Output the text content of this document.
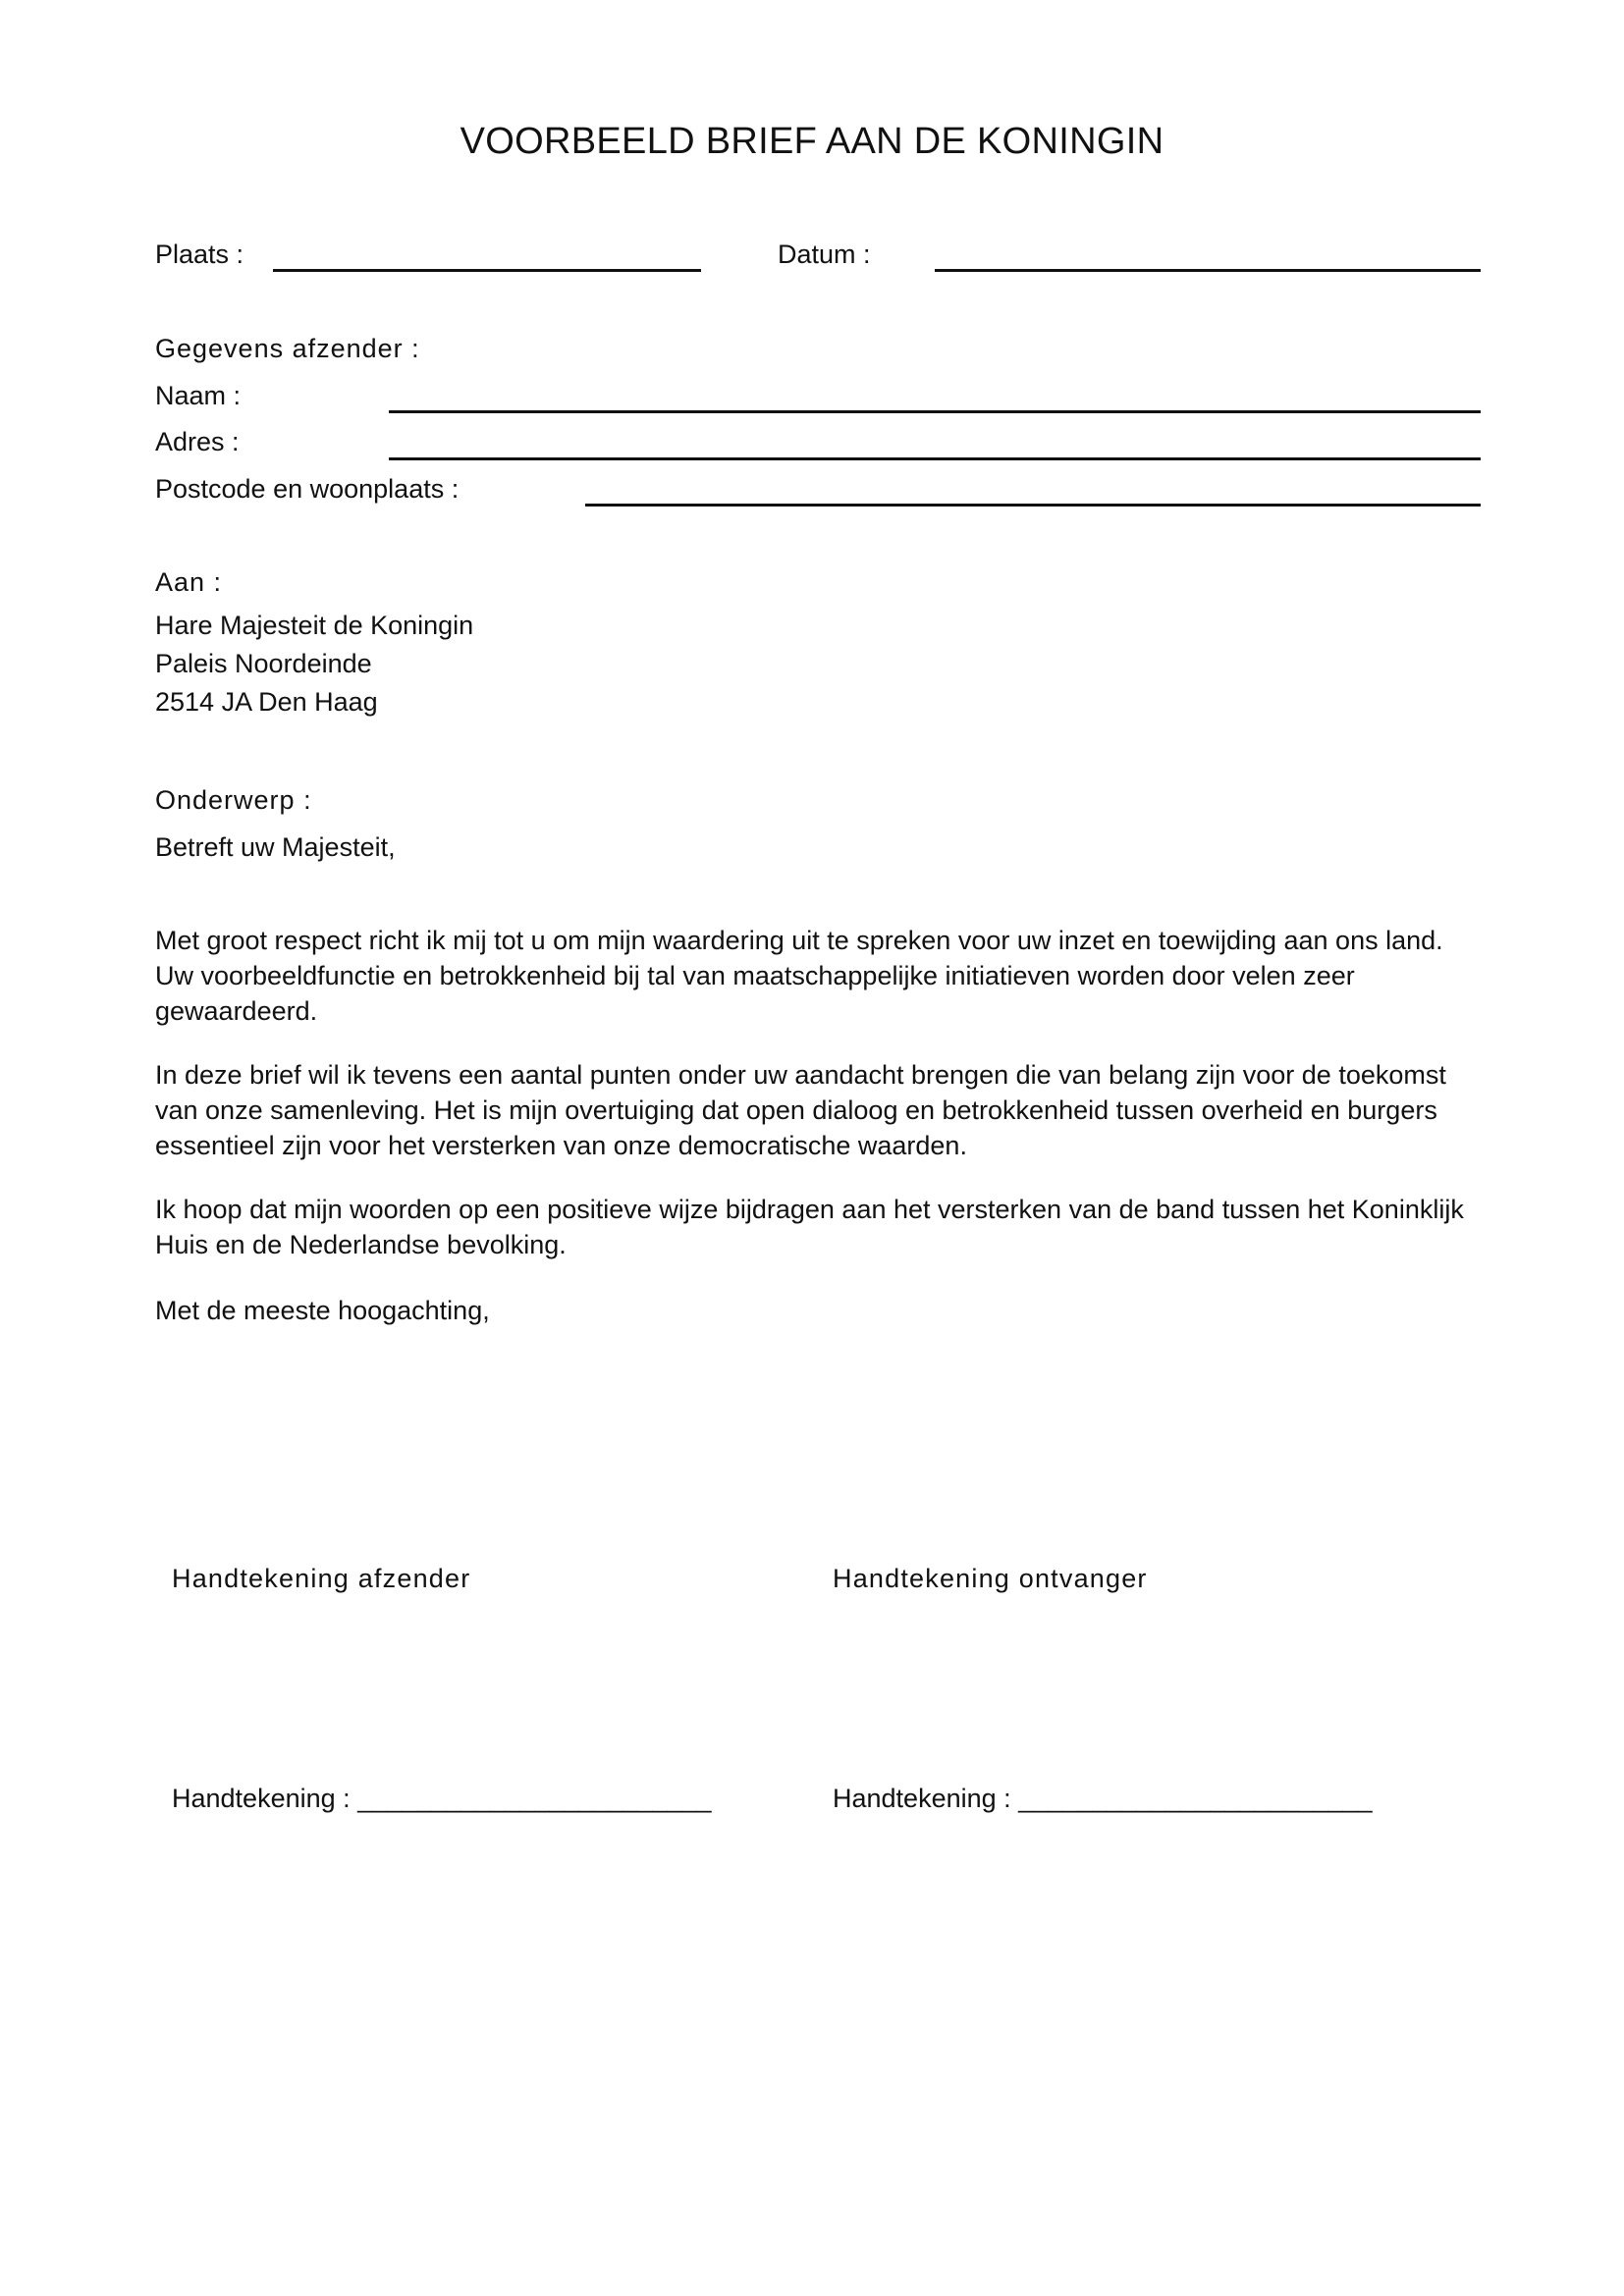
VOORBEELD BRIEF AAN DE KONINGIN
Plaats :	Datum :
Gegevens afzender :
Naam :
Adres :
Postcode en woonplaats :
Aan :
Hare Majesteit de Koningin
Paleis Noordeinde
2514 JA Den Haag
Onderwerp :
Betreft uw Majesteit,
Met groot respect richt ik mij tot u om mijn waardering uit te spreken voor uw inzet en toewijding aan ons land. Uw voorbeeldfunctie en betrokkenheid bij tal van maatschappelijke initiatieven worden door velen zeer gewaardeerd.
In deze brief wil ik tevens een aantal punten onder uw aandacht brengen die van belang zijn voor de toekomst van onze samenleving. Het is mijn overtuiging dat open dialoog en betrokkenheid tussen overheid en burgers essentieel zijn voor het versterken van onze democratische waarden.
Ik hoop dat mijn woorden op een positieve wijze bijdragen aan het versterken van de band tussen het Koninklijk Huis en de Nederlandse bevolking.
Met de meeste hoogachting,
Handtekening afzender	Handtekening ontvanger
Handtekening : ________________________	Handtekening : ________________________
